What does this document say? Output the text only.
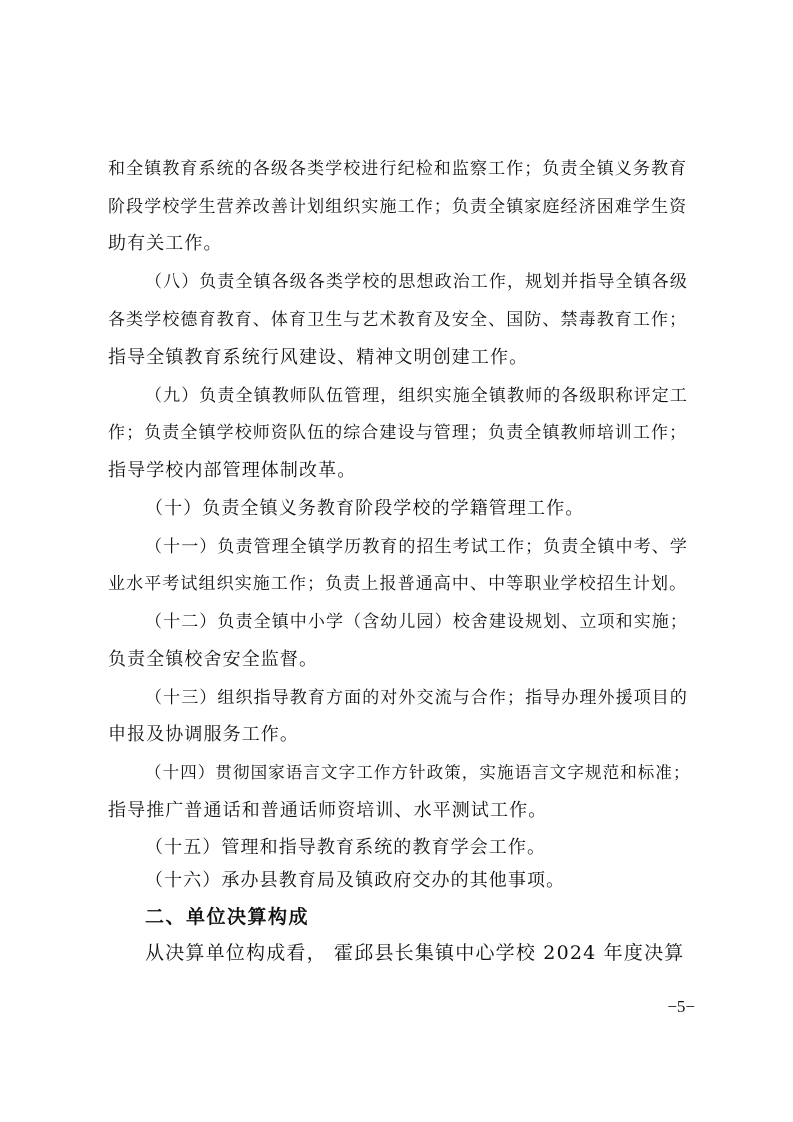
和全镇教育系统的各级各类学校进行纪检和监察工作；负责全镇义务教育
阶段学校学生营养改善计划组织实施工作；负责全镇家庭经济困难学生资
助有关工作。
（八）负责全镇各级各类学校的思想政治工作，规划并指导全镇各级
各类学校德育教育、体育卫生与艺术教育及安全、国防、禁毒教育工作；
指导全镇教育系统行风建设、精神文明创建工作。
（九）负责全镇教师队伍管理，组织实施全镇教师的各级职称评定工
作；负责全镇学校师资队伍的综合建设与管理；负责全镇教师培训工作；
指导学校内部管理体制改革。
（十）负责全镇义务教育阶段学校的学籍管理工作。
（十一）负责管理全镇学历教育的招生考试工作；负责全镇中考、学
业水平考试组织实施工作；负责上报普通高中、中等职业学校招生计划。
（十二）负责全镇中小学（含幼儿园）校舍建设规划、立项和实施；
负责全镇校舍安全监督。
（十三）组织指导教育方面的对外交流与合作；指导办理外援项目的
申报及协调服务工作。
（十四）贯彻国家语言文字工作方针政策，实施语言文字规范和标准；
指导推广普通话和普通话师资培训、水平测试工作。
（十五）管理和指导教育系统的教育学会工作。
（十六）承办县教育局及镇政府交办的其他事项。
二、单位决算构成
从决算单位构成看， 霍邱县长集镇中心学校 2024 年度决算
−5−
